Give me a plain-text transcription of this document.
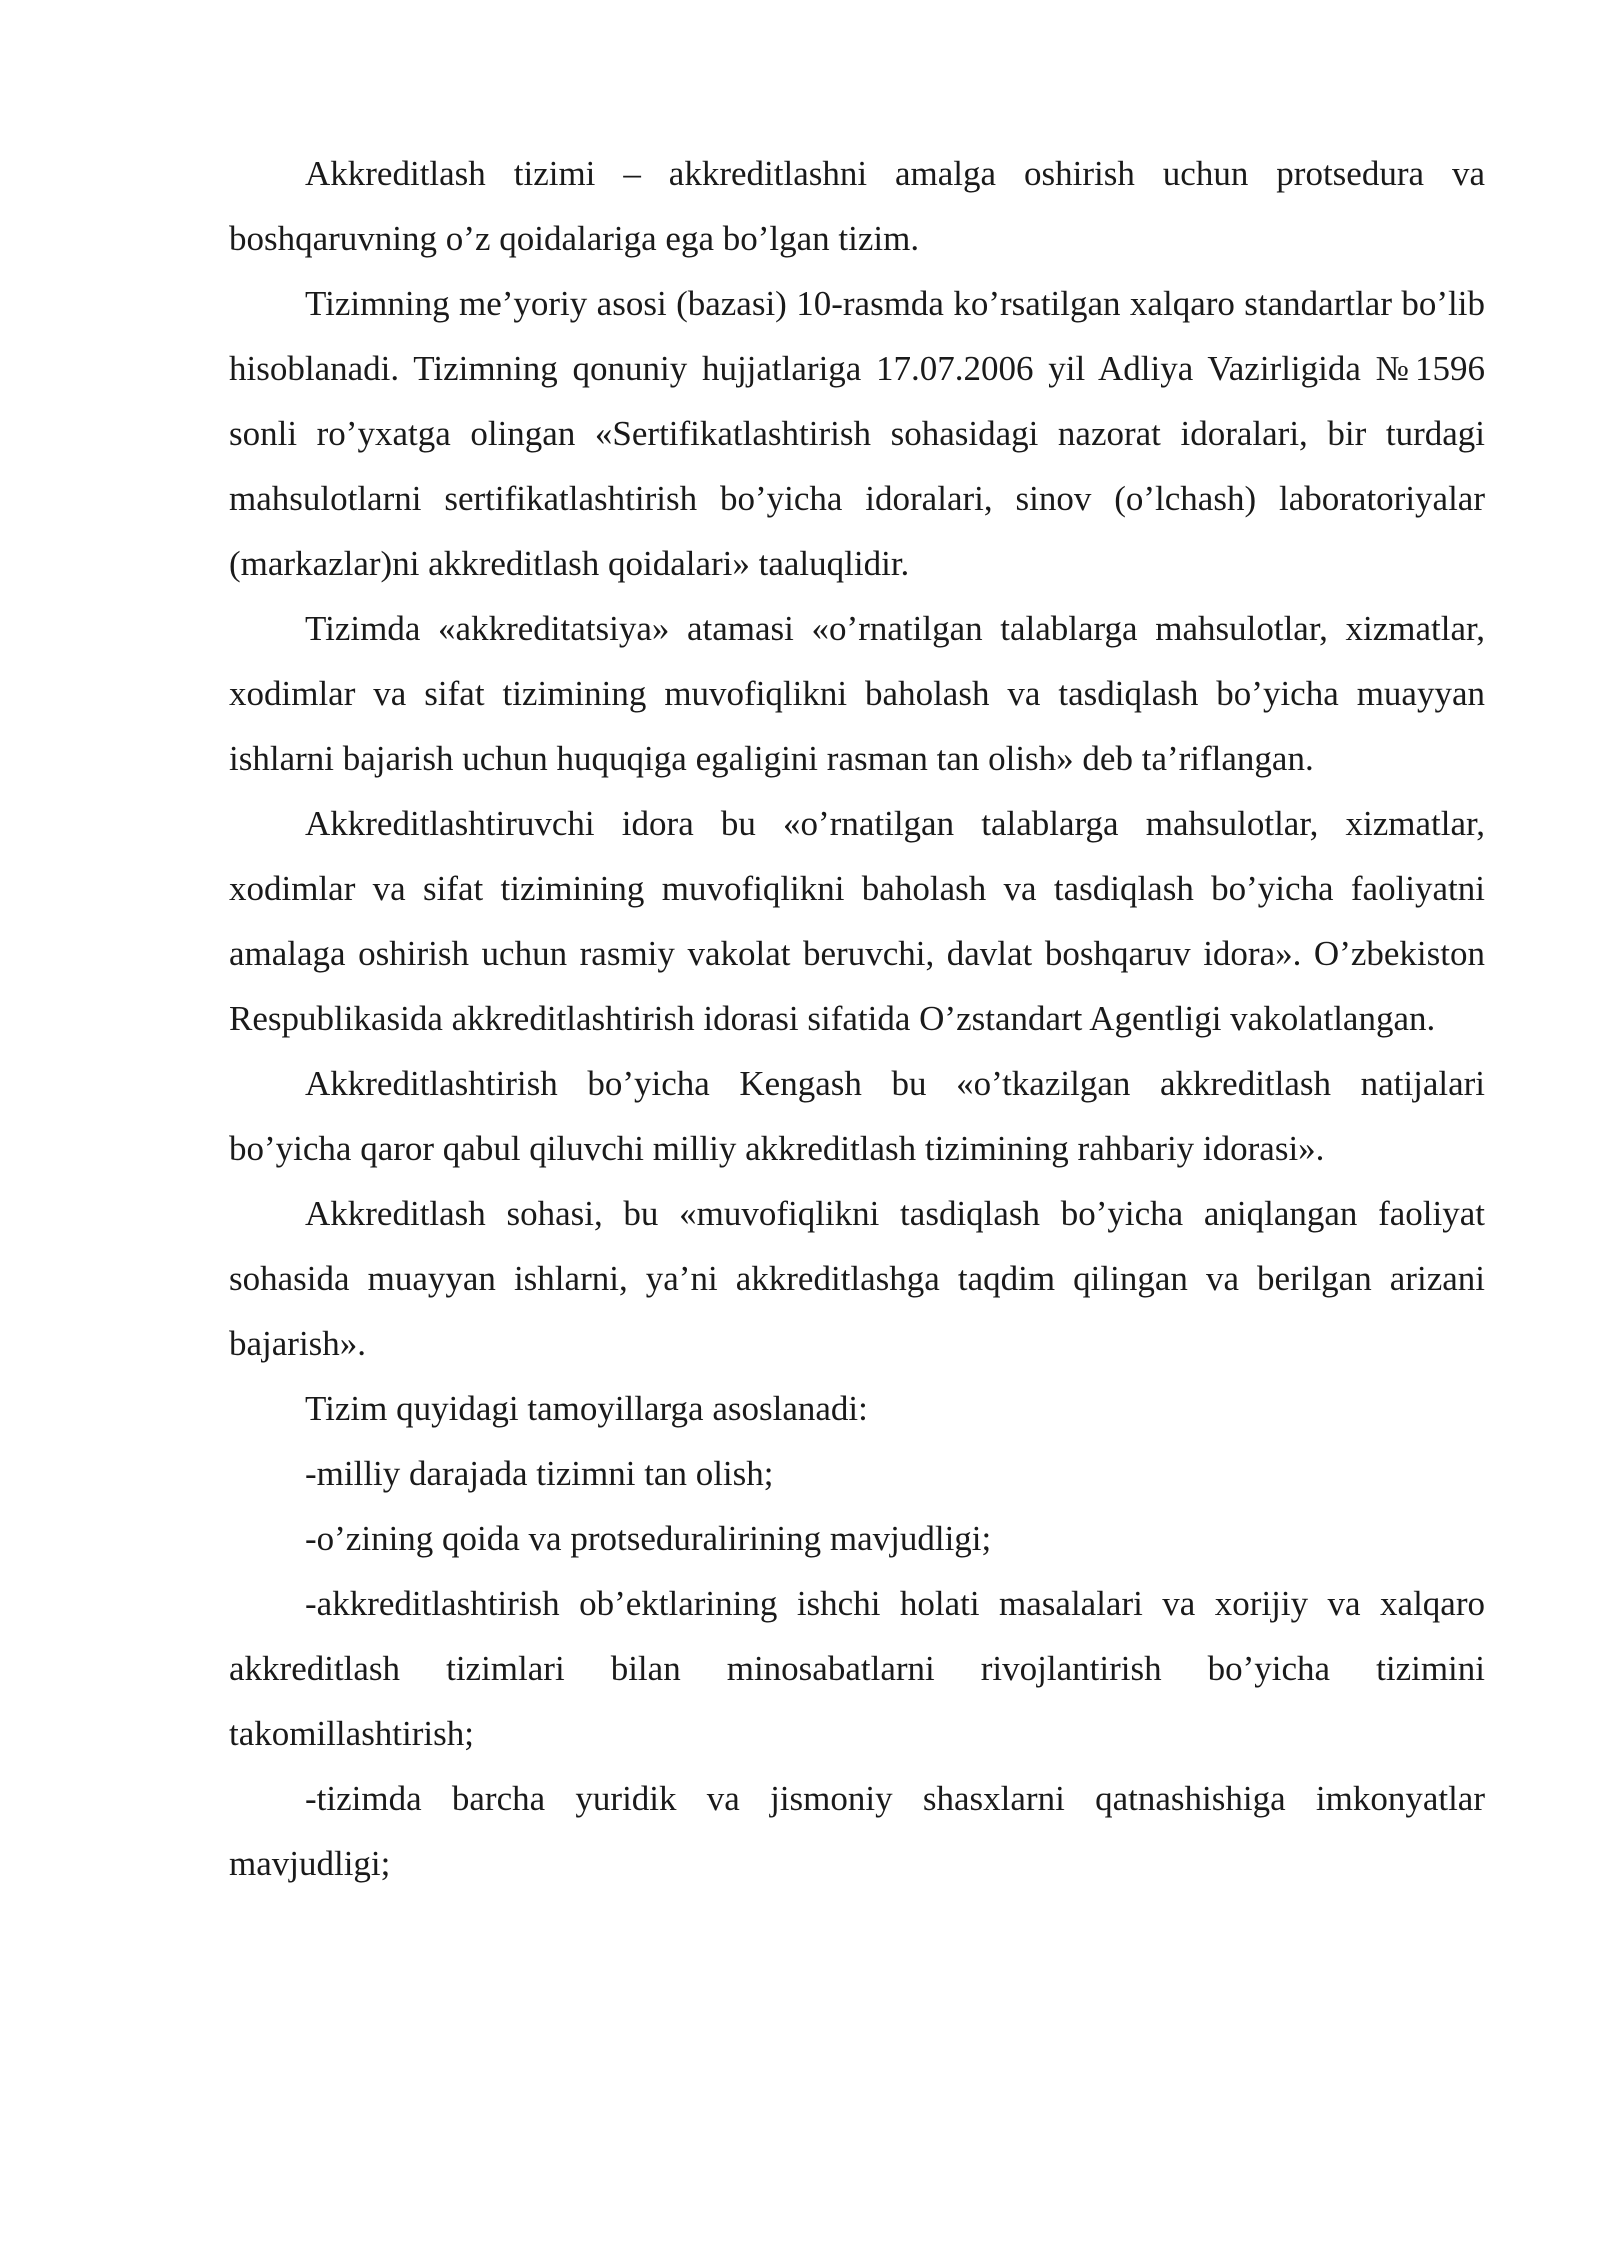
Akkreditlash tizimi – akkreditlashni amalga oshirish uchun protsedura va boshqaruvning o’z qoidalariga ega bo’lgan tizim.

Tizimning me’yoriy asosi (bazasi) 10-rasmda ko’rsatilgan xalqaro standartlar bo’lib hisoblanadi. Tizimning qonuniy hujjatlariga 17.07.2006 yil Adliya Vazirligida №1596 sonli ro’yxatga olingan «Sertifikatlashtirish sohasidagi nazorat idoralari, bir turdagi mahsulotlarni sertifikatlashtirish bo’yicha idoralari, sinov (o’lchash) laboratoriyalar (markazlar)ni akkreditlash qoidalari» taaluqlidir.

Tizimda «akkreditatsiya» atamasi «o’rnatilgan talablarga mahsulotlar, xizmatlar, xodimlar va sifat tizimining muvofiqlikni baholash va tasdiqlash bo’yicha muayyan ishlarni bajarish uchun huquqiga egaligini rasman tan olish» deb ta’riflangan.

Akkreditlashtiruvchi idora bu «o’rnatilgan talablarga mahsulotlar, xizmatlar, xodimlar va sifat tizimining muvofiqlikni baholash va tasdiqlash bo’yicha faoliyatni amalaga oshirish uchun rasmiy vakolat beruvchi, davlat boshqaruv idora». O’zbekiston Respublikasida akkreditlashtirish idorasi sifatida O’zstandart Agentligi vakolatlangan.

Akkreditlashtirish bo’yicha Kengash bu «o’tkazilgan akkreditlash natijalari bo’yicha qaror qabul qiluvchi milliy akkreditlash tizimining rahbariy idorasi».

Akkreditlash sohasi, bu «muvofiqlikni tasdiqlash bo’yicha aniqlangan faoliyat sohasida muayyan ishlarni, ya’ni akkreditlashga taqdim qilingan va berilgan arizani bajarish».

Tizim quyidagi tamoyillarga asoslanadi:

-milliy darajada tizimni tan olish;

-o’zining qoida va protseduralirining mavjudligi;

-akkreditlashtirish ob’ektlarining ishchi holati masalalari va xorijiy va xalqaro akkreditlash tizimlari bilan minosabatlarni rivojlantirish bo’yicha tizimini takomillashtirish;

-tizimda barcha yuridik va jismoniy shasxlarni qatnashishiga imkonyatlar mavjudligi;
